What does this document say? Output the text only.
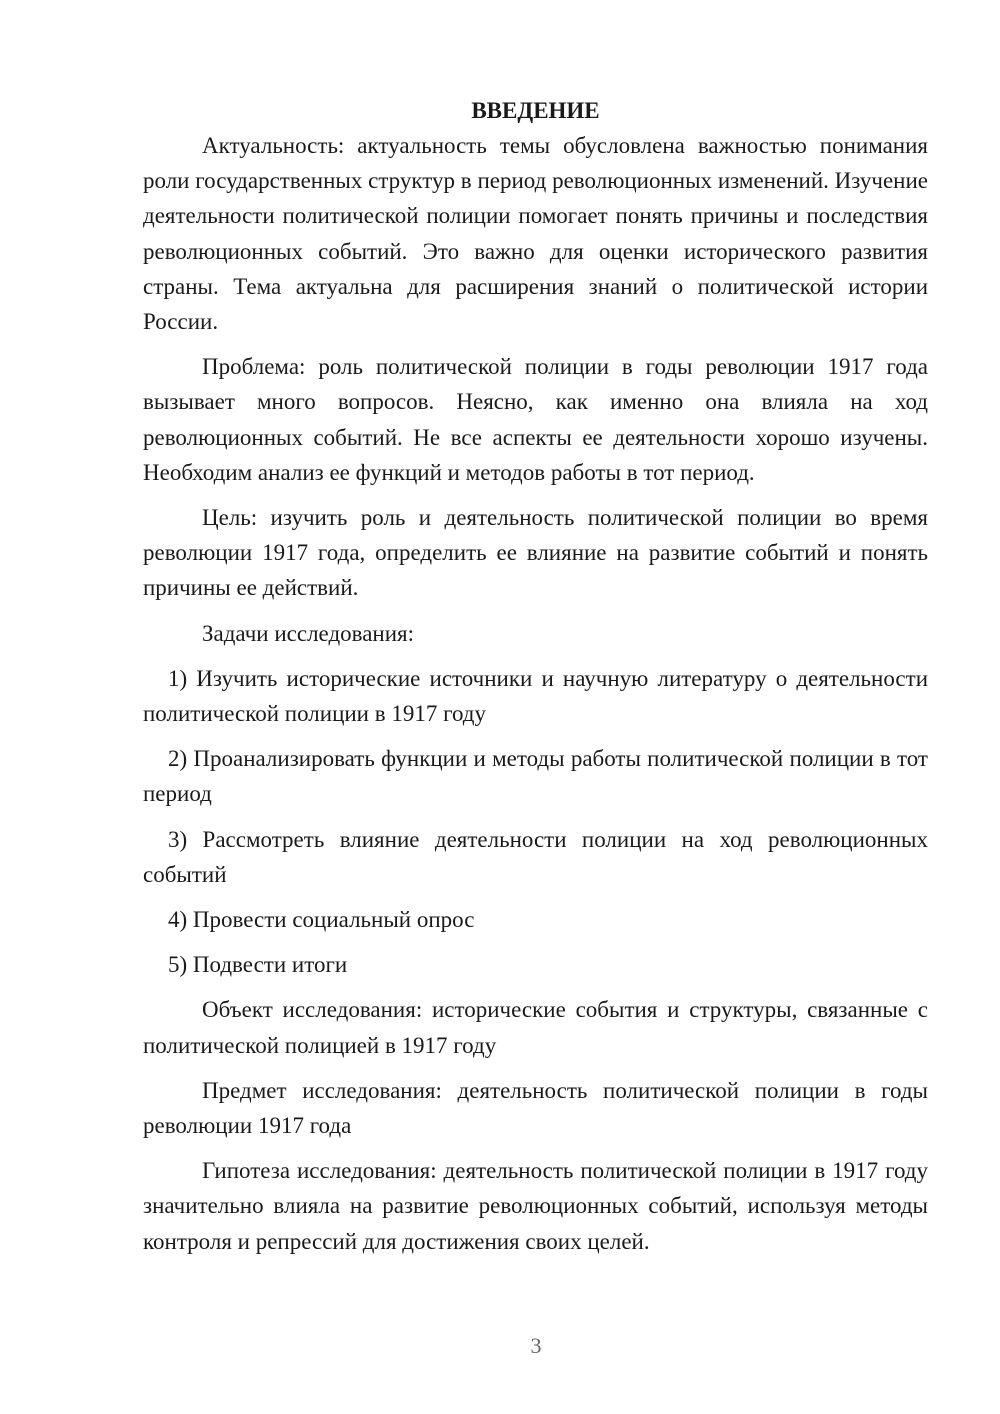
ВВЕДЕНИЕ

Актуальность: актуальность темы обусловлена важностью понимания роли государственных структур в период революционных изменений. Изучение деятельности политической полиции помогает понять причины и последствия революционных событий. Это важно для оценки исторического развития страны. Тема актуальна для расширения знаний о политической истории России.

Проблема: роль политической полиции в годы революции 1917 года вызывает много вопросов. Неясно, как именно она влияла на ход революционных событий. Не все аспекты ее деятельности хорошо изучены. Необходим анализ ее функций и методов работы в тот период.

Цель: изучить роль и деятельность политической полиции во время революции 1917 года, определить ее влияние на развитие событий и понять причины ее действий.

Задачи исследования:

1) Изучить исторические источники и научную литературу о деятельности политической полиции в 1917 году

2) Проанализировать функции и методы работы политической полиции в тот период

3) Рассмотреть влияние деятельности полиции на ход революционных событий

4) Провести социальный опрос

5) Подвести итоги

Объект исследования: исторические события и структуры, связанные с политической полицией в 1917 году

Предмет исследования: деятельность политической полиции в годы революции 1917 года

Гипотеза исследования: деятельность политической полиции в 1917 году значительно влияла на развитие революционных событий, используя методы контроля и репрессий для достижения своих целей.

3
